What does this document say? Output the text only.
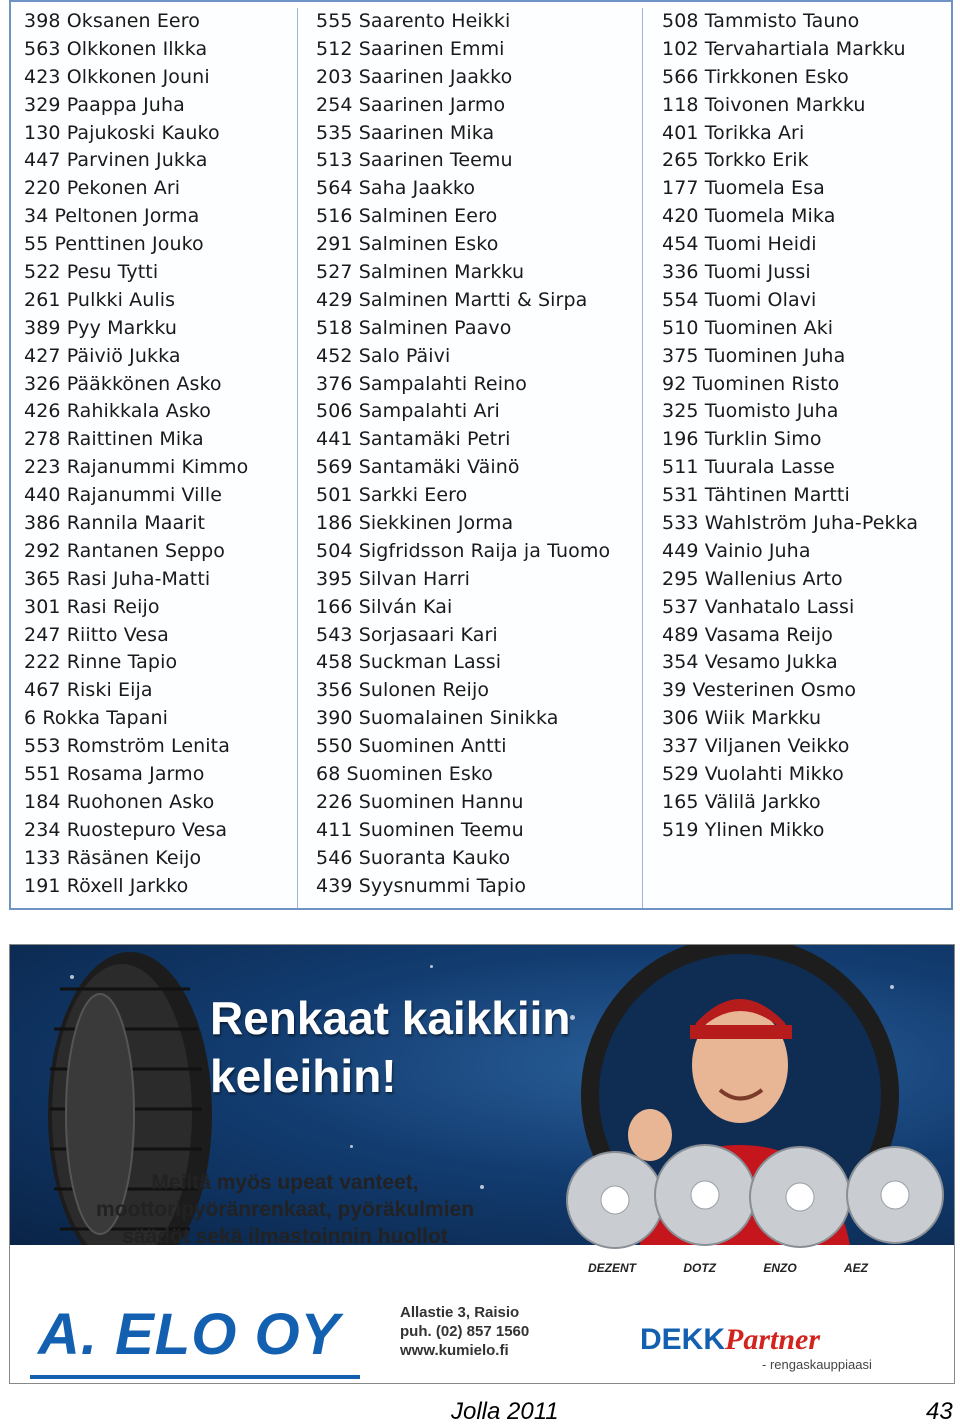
398 Oksanen Eero
563 Olkkonen Ilkka
423 Olkkonen Jouni
329 Paappa Juha
130 Pajukoski Kauko
447 Parvinen Jukka
220 Pekonen Ari
34 Peltonen Jorma
55 Penttinen Jouko
522 Pesu Tytti
261 Pulkki Aulis
389 Pyy Markku
427 Päiviö Jukka
326 Pääkkönen Asko
426 Rahikkala Asko
278 Raittinen Mika
223 Rajanummi Kimmo
440 Rajanummi Ville
386 Rannila Maarit
292 Rantanen Seppo
365 Rasi Juha-Matti
301 Rasi Reijo
247 Riitto Vesa
222 Rinne Tapio
467 Riski Eija
6 Rokka Tapani
553 Romström Lenita
551 Rosama Jarmo
184 Ruohonen Asko
234 Ruostepuro Vesa
133 Räsänen Keijo
191 Röxell Jarkko
555 Saarento Heikki
512 Saarinen Emmi
203 Saarinen Jaakko
254 Saarinen Jarmo
535 Saarinen Mika
513 Saarinen Teemu
564 Saha Jaakko
516 Salminen Eero
291 Salminen Esko
527 Salminen Markku
429 Salminen Martti & Sirpa
518 Salminen Paavo
452 Salo Päivi
376 Sampalahti Reino
506 Sampalahti Ari
441 Santamäki Petri
569 Santamäki Väinö
501 Sarkki Eero
186 Siekkinen Jorma
504 Sigfridsson Raija ja Tuomo
395 Silvan Harri
166 Silván Kai
543 Sorjasaari Kari
458 Suckman Lassi
356 Sulonen Reijo
390 Suomalainen Sinikka
550 Suominen Antti
68 Suominen Esko
226 Suominen Hannu
411 Suominen Teemu
546 Suoranta Kauko
439 Syysnummi Tapio
508 Tammisto Tauno
102 Tervahartiala Markku
566 Tirkkonen Esko
118 Toivonen Markku
401 Torikka Ari
265 Torkko Erik
177 Tuomela Esa
420 Tuomela Mika
454 Tuomi Heidi
336 Tuomi Jussi
554 Tuomi Olavi
510 Tuominen Aki
375 Tuominen Juha
92 Tuominen Risto
325 Tuomisto Juha
196 Turklin Simo
511 Tuurala Lasse
531 Tähtinen Martti
533 Wahlström Juha-Pekka
449 Vainio Juha
295 Wallenius Arto
537 Vanhatalo Lassi
489 Vasama Reijo
354 Vesamo Jukka
39 Vesterinen Osmo
306 Wiik Markku
337 Viljanen Veikko
529 Vuolahti Mikko
165 Välilä Jarkko
519 Ylinen Mikko
Renkaat kaikkiin
keleihin!
Meiltä myös upeat vanteet,
moottoripyöränrenkaat, pyöräkulmien
säädöt sekä ilmastoinnin huollot
DEZENT	DOTZ	ENZO	AEZ
A. ELO OY	Allastie 3, Raisio
puh. (02) 857 1560
www.kumielo.fi	DEKKPartner
- rengaskauppiaasi
Jolla 2011	43
